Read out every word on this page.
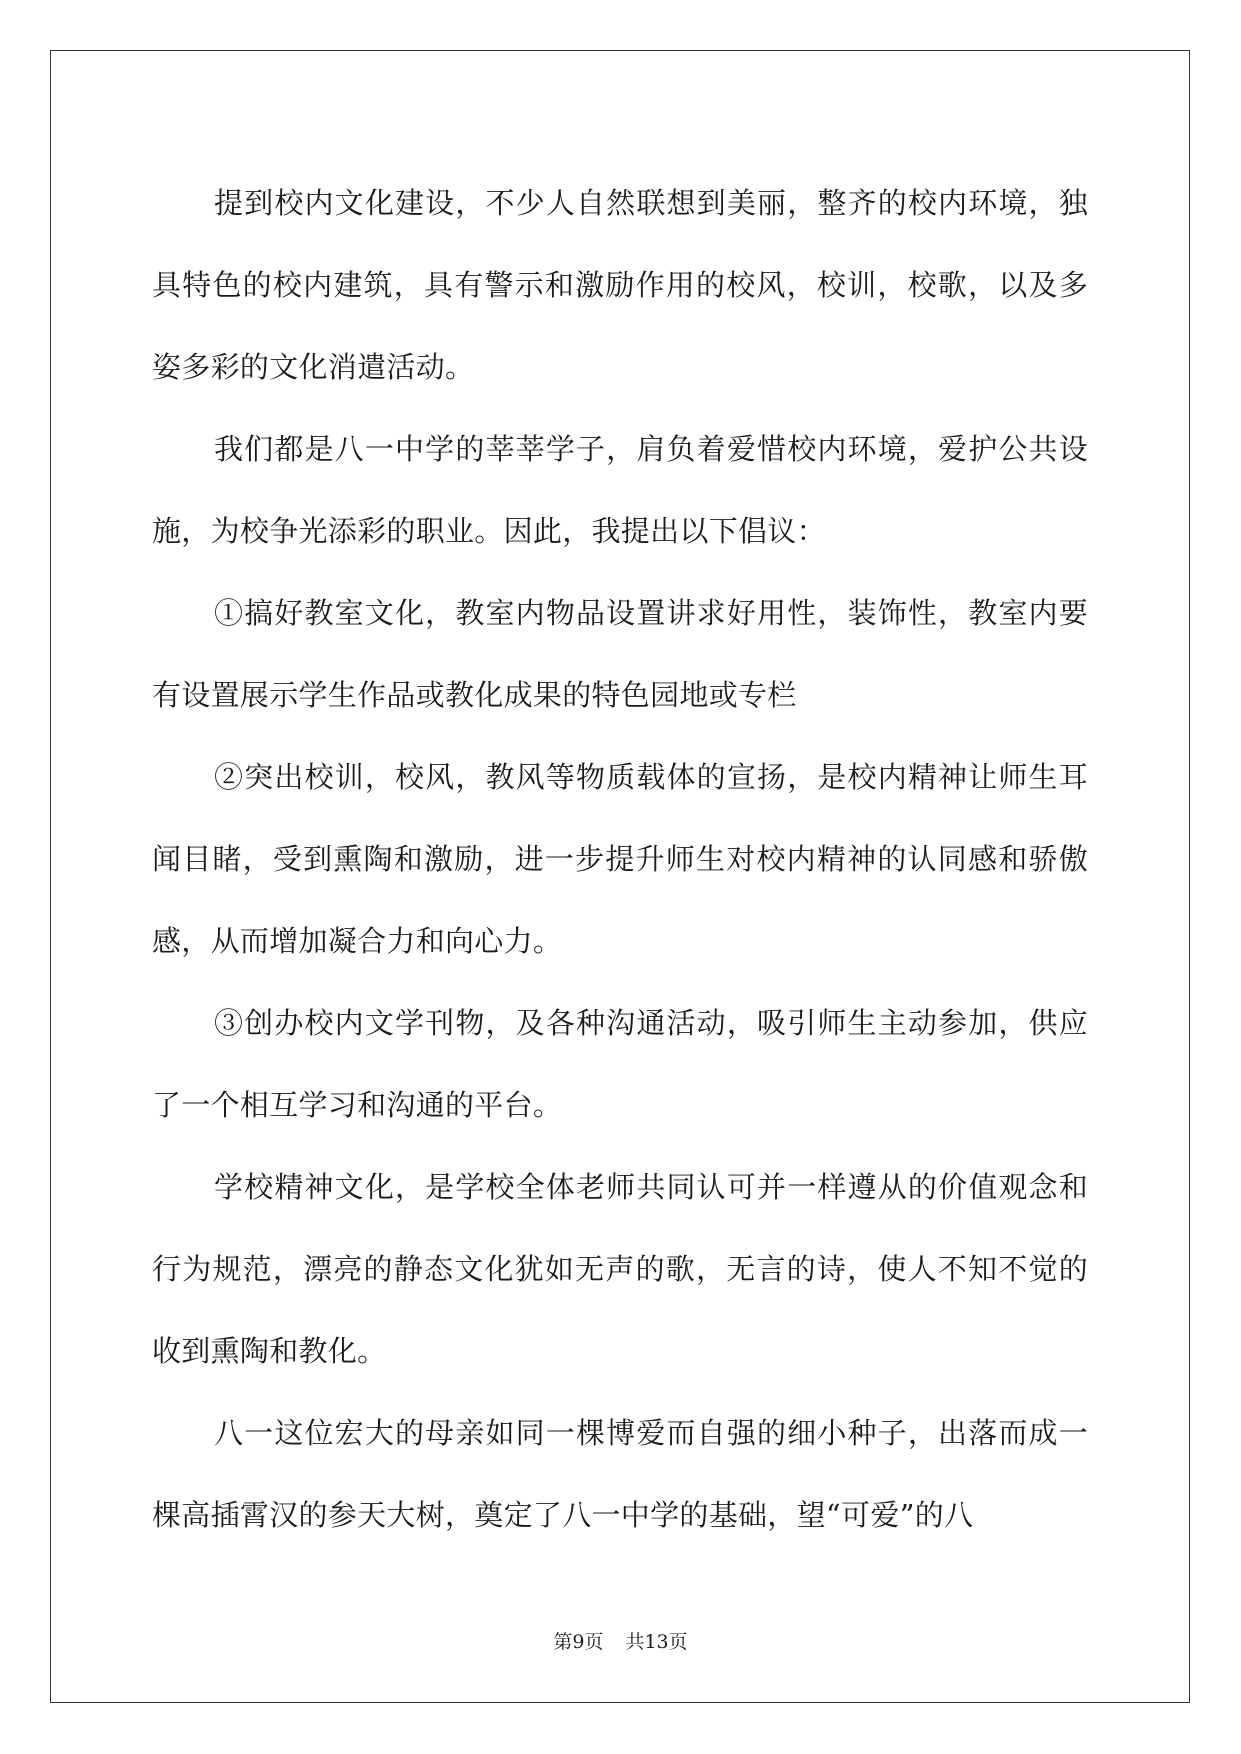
提到校内文化建设，不少人自然联想到美丽，整齐的校内环境，独具特色的校内建筑，具有警示和激励作用的校风，校训，校歌，以及多姿多彩的文化消遣活动。

我们都是八一中学的莘莘学子，肩负着爱惜校内环境，爱护公共设施，为校争光添彩的职业。因此，我提出以下倡议：

①搞好教室文化，教室内物品设置讲求好用性，装饰性，教室内要有设置展示学生作品或教化成果的特色园地或专栏

②突出校训，校风，教风等物质载体的宣扬，是校内精神让师生耳闻目睹，受到熏陶和激励，进一步提升师生对校内精神的认同感和骄傲感，从而增加凝合力和向心力。

③创办校内文学刊物，及各种沟通活动，吸引师生主动参加，供应了一个相互学习和沟通的平台。

学校精神文化，是学校全体老师共同认可并一样遵从的价值观念和行为规范，漂亮的静态文化犹如无声的歌，无言的诗，使人不知不觉的收到熏陶和教化。

八一这位宏大的母亲如同一棵博爱而自强的细小种子，出落而成一棵高插霄汉的参天大树，奠定了八一中学的基础，望“可爱”的八

第9页 共13页
